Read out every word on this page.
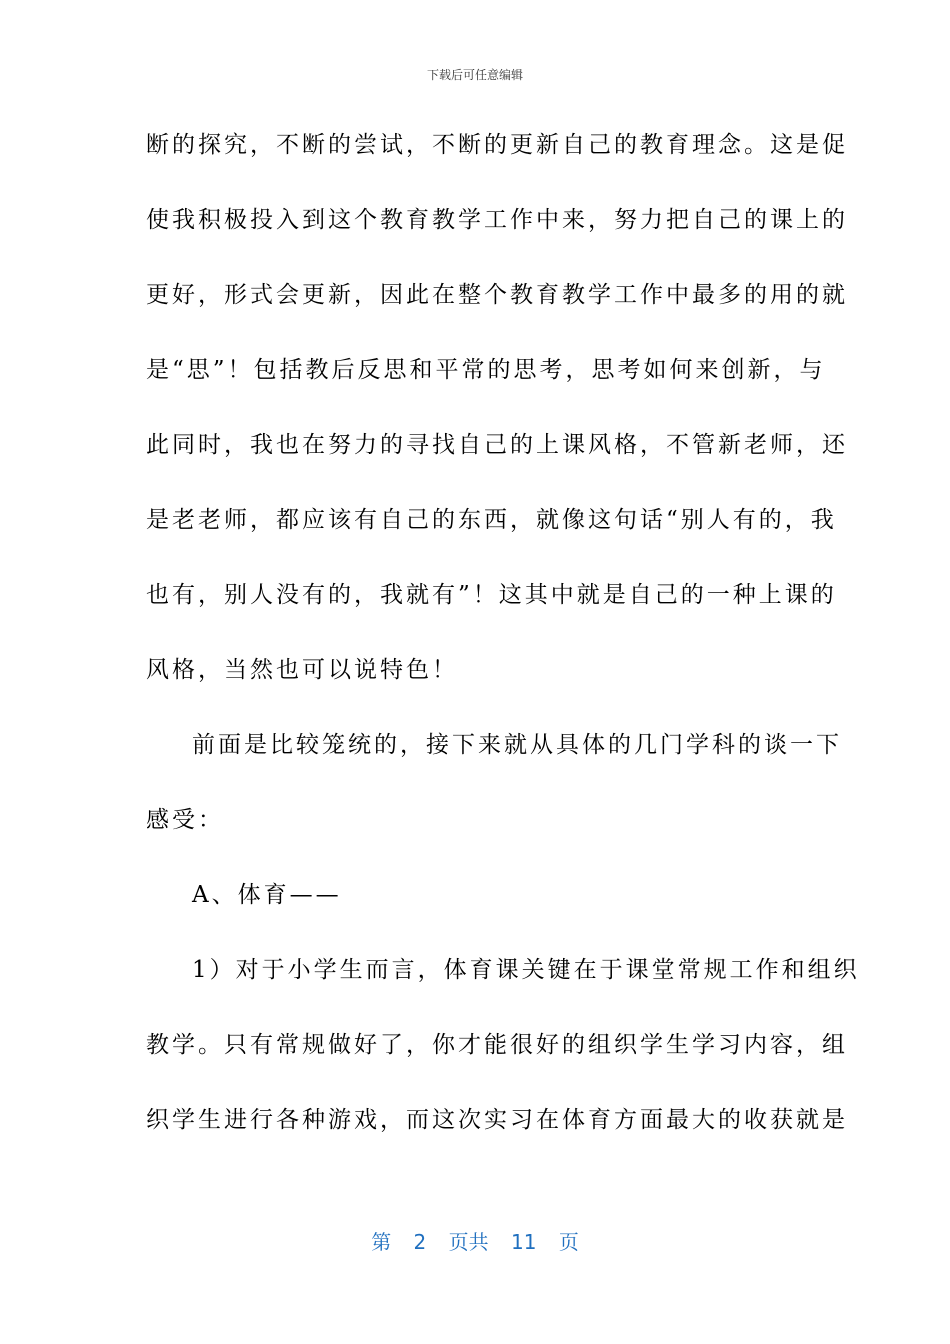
下载后可任意编辑
断的探究，不断的尝试，不断的更新自己的教育理念。这是促
使我积极投入到这个教育教学工作中来，努力把自己的课上的
更好，形式会更新，因此在整个教育教学工作中最多的用的就
是“思”！包括教后反思和平常的思考，思考如何来创新，与
此同时，我也在努力的寻找自己的上课风格，不管新老师，还
是老老师，都应该有自己的东西，就像这句话“别人有的，我
也有，别人没有的，我就有”！这其中就是自己的一种上课的
风格，当然也可以说特色！
前面是比较笼统的，接下来就从具体的几门学科的谈一下
感受：
A、体育——
1）对于小学生而言，体育课关键在于课堂常规工作和组织
教学。只有常规做好了，你才能很好的组织学生学习内容，组
织学生进行各种游戏，而这次实习在体育方面最大的收获就是
第 2 页共 11 页
